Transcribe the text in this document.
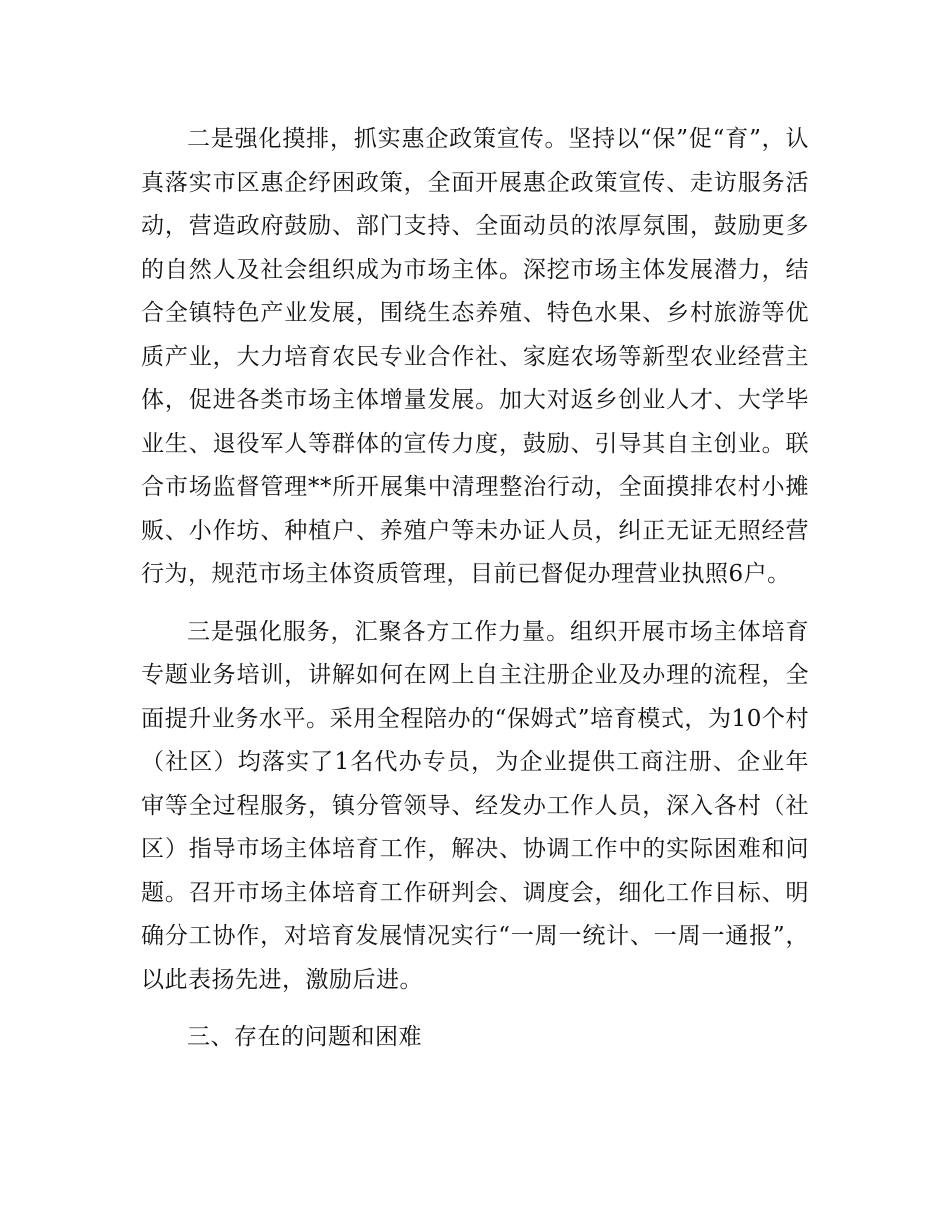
二是强化摸排，抓实惠企政策宣传。坚持以“保”促“育”，认真落实市区惠企纾困政策，全面开展惠企政策宣传、走访服务活动，营造政府鼓励、部门支持、全面动员的浓厚氛围，鼓励更多的自然人及社会组织成为市场主体。深挖市场主体发展潜力，结合全镇特色产业发展，围绕生态养殖、特色水果、乡村旅游等优质产业，大力培育农民专业合作社、家庭农场等新型农业经营主体，促进各类市场主体增量发展。加大对返乡创业人才、大学毕业生、退役军人等群体的宣传力度，鼓励、引导其自主创业。联合市场监督管理**所开展集中清理整治行动，全面摸排农村小摊贩、小作坊、种植户、养殖户等未办证人员，纠正无证无照经营行为，规范市场主体资质管理，目前已督促办理营业执照6户。

三是强化服务，汇聚各方工作力量。组织开展市场主体培育专题业务培训，讲解如何在网上自主注册企业及办理的流程，全面提升业务水平。采用全程陪办的“保姆式”培育模式，为10个村（社区）均落实了1名代办专员，为企业提供工商注册、企业年审等全过程服务，镇分管领导、经发办工作人员，深入各村（社区）指导市场主体培育工作，解决、协调工作中的实际困难和问题。召开市场主体培育工作研判会、调度会，细化工作目标、明确分工协作，对培育发展情况实行“一周一统计、一周一通报”，以此表扬先进，激励后进。

三、存在的问题和困难
